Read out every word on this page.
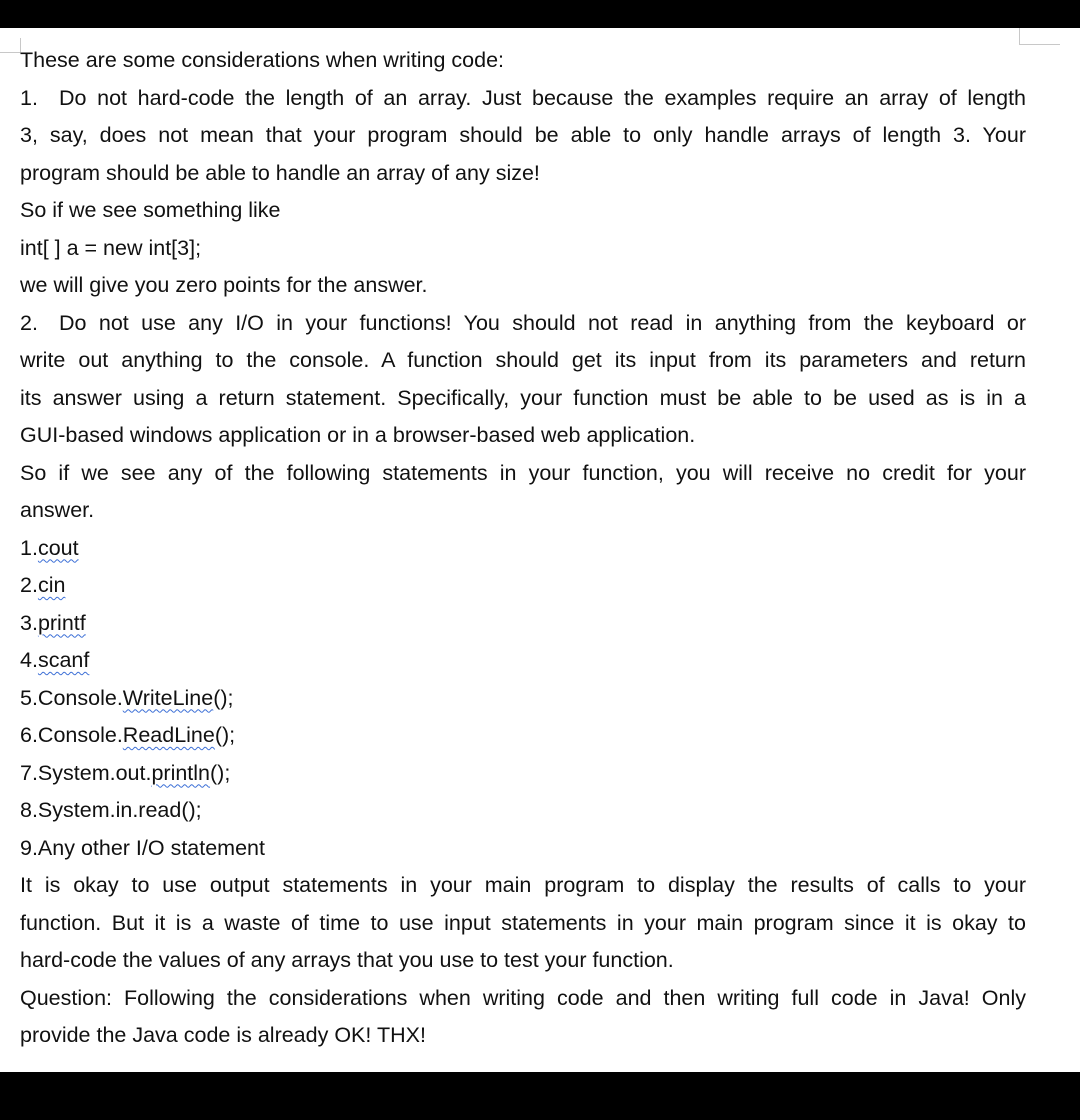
These are some considerations when writing code:
1. Do not hard-code the length of an array. Just because the examples require an array of length
3, say, does not mean that your program should be able to only handle arrays of length 3. Your
program should be able to handle an array of any size!
So if we see something like
int[ ] a = new int[3];
we will give you zero points for the answer.
2. Do not use any I/O in your functions! You should not read in anything from the keyboard or
write out anything to the console. A function should get its input from its parameters and return
its answer using a return statement. Specifically, your function must be able to be used as is in a
GUI-based windows application or in a browser-based web application.
So if we see any of the following statements in your function, you will receive no credit for your
answer.
1.cout
2.cin
3.printf
4.scanf
5.Console.WriteLine();
6.Console.ReadLine();
7.System.out.println();
8.System.in.read();
9.Any other I/O statement
It is okay to use output statements in your main program to display the results of calls to your
function. But it is a waste of time to use input statements in your main program since it is okay to
hard-code the values of any arrays that you use to test your function.
Question: Following the considerations when writing code and then writing full code in Java! Only
provide the Java code is already OK! THX!
